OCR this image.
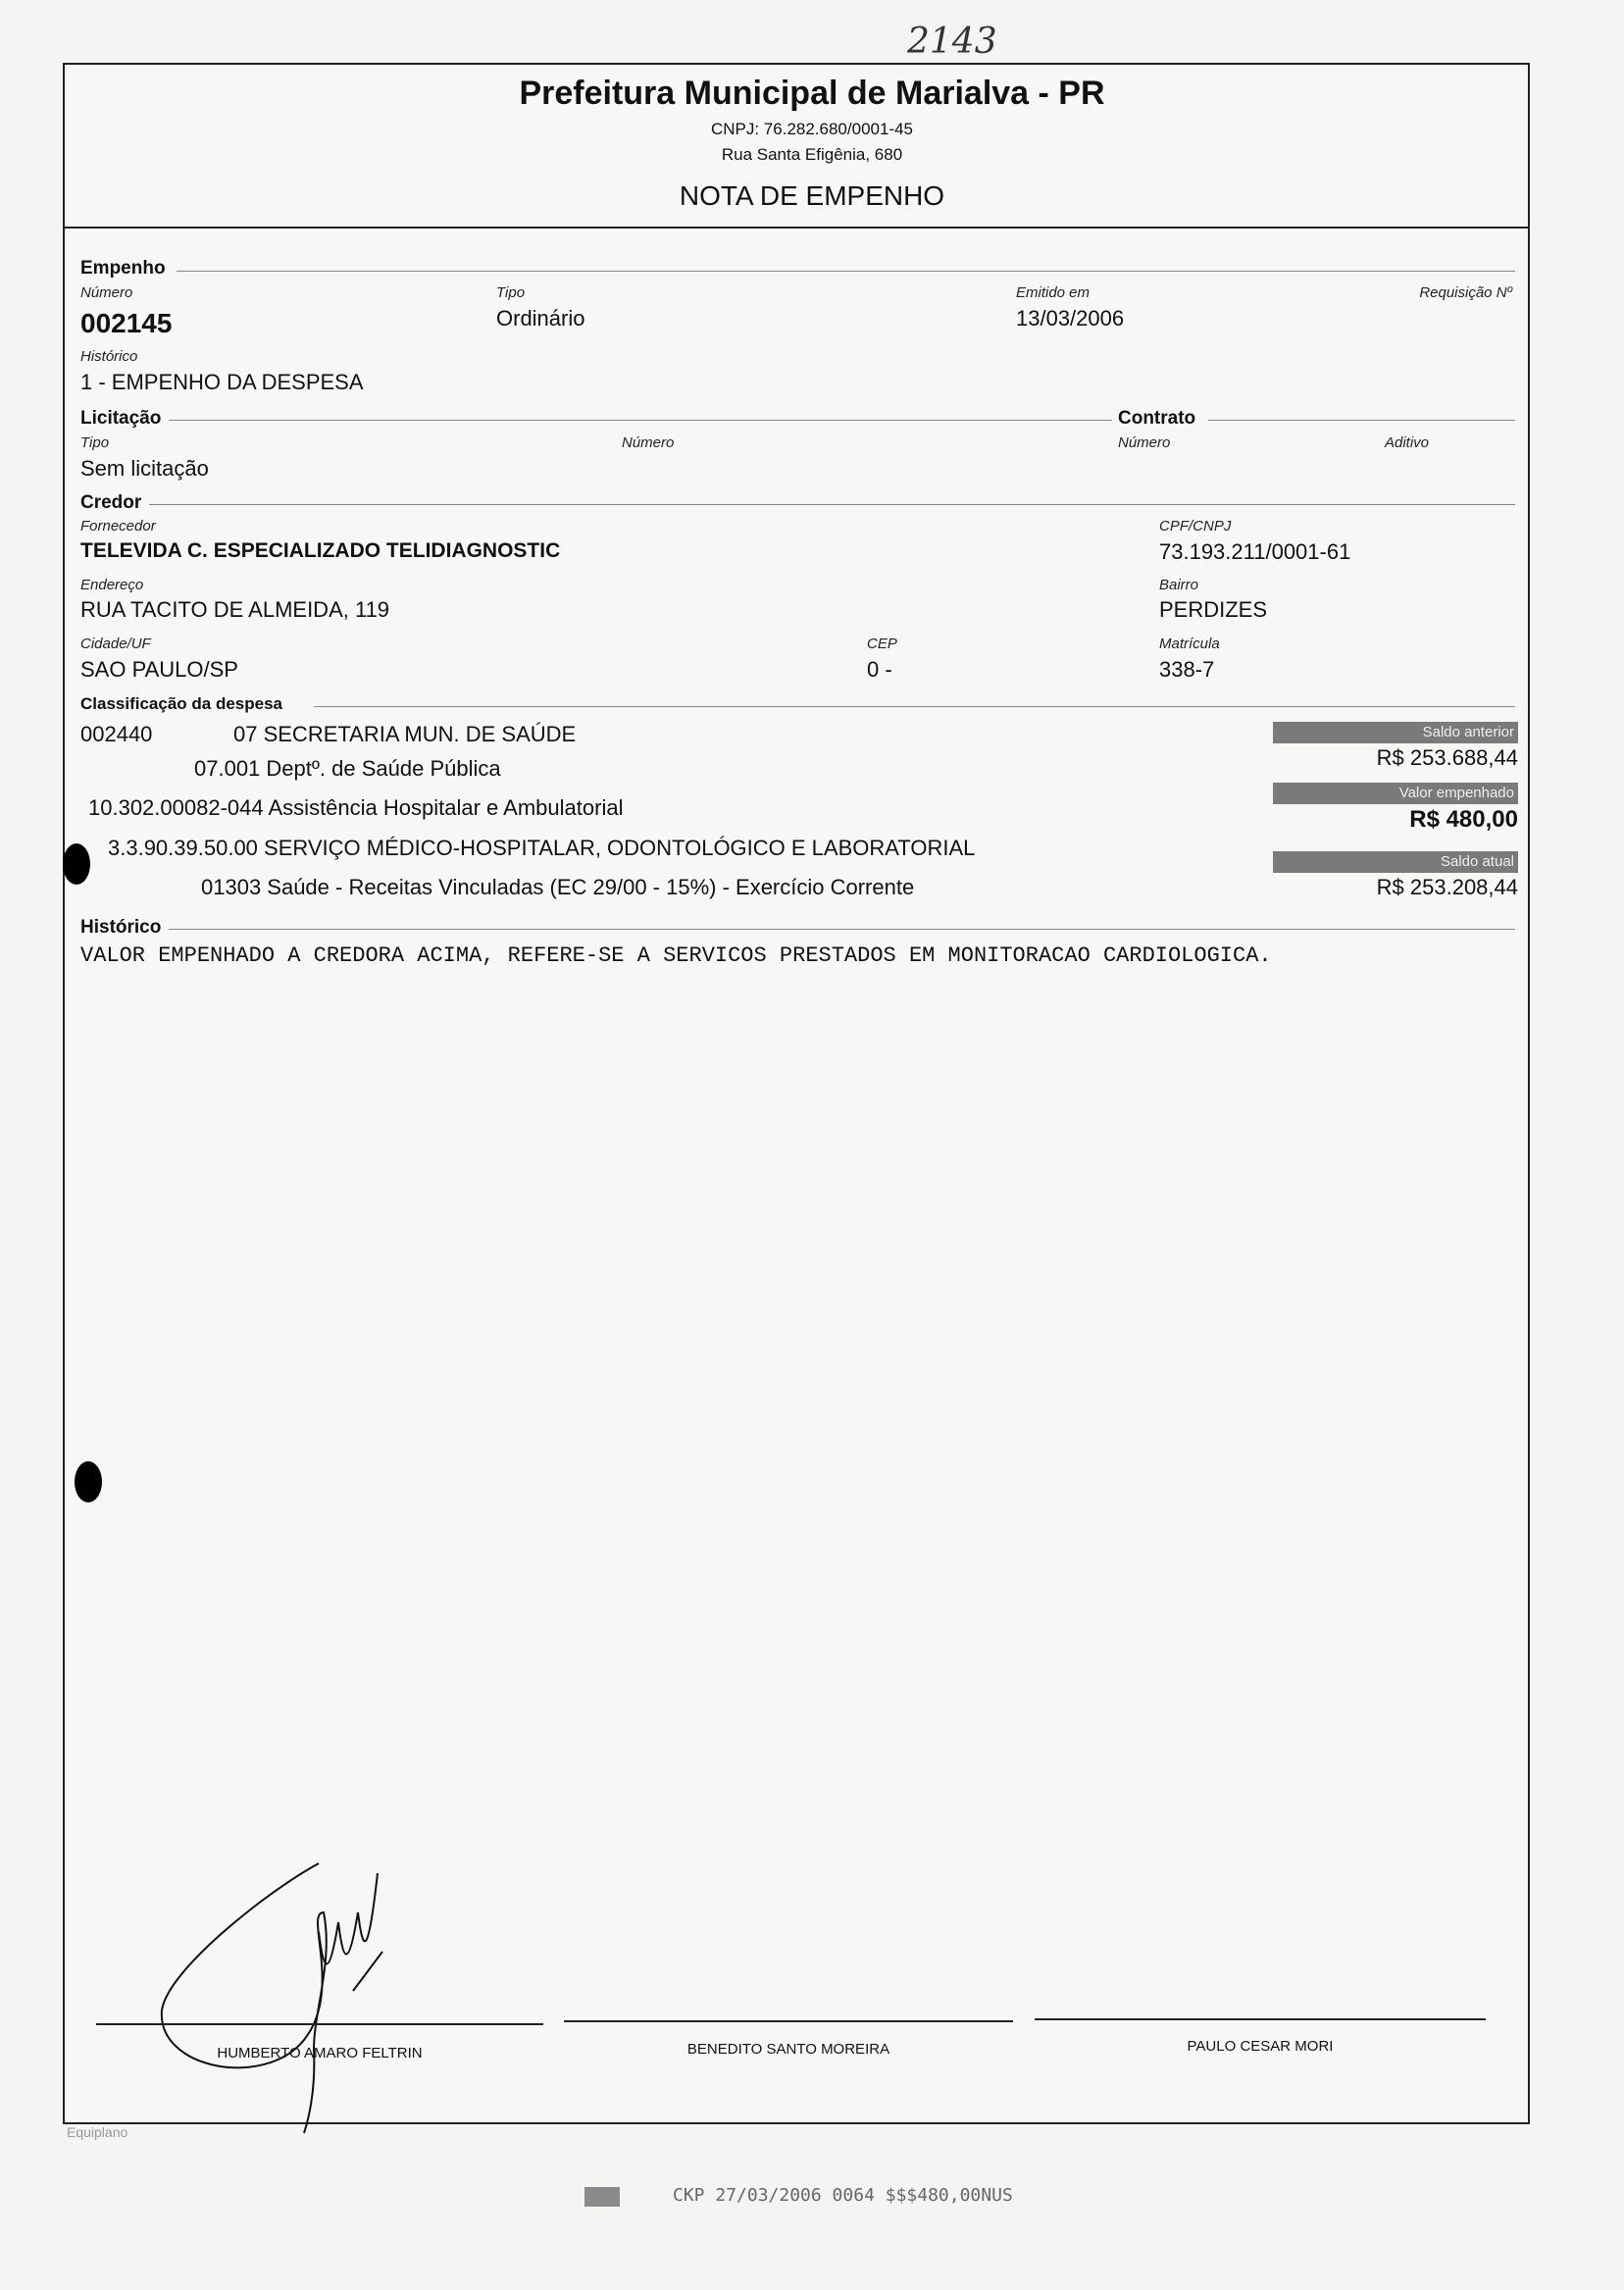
2143
Prefeitura Municipal de Marialva - PR
CNPJ: 76.282.680/0001-45
Rua Santa Efigênia, 680
NOTA DE EMPENHO
Empenho
Número
002145
Tipo
Ordinário
Emitido em
13/03/2006
Requisição Nº
Histórico
1 - EMPENHO DA DESPESA
Licitação	Contrato
Tipo
Sem licitação
Número	Número	Aditivo
Credor
Fornecedor
TELEVIDA C. ESPECIALIZADO TELIDIAGNOSTIC
CPF/CNPJ
73.193.211/0001-61
Endereço
RUA TACITO DE ALMEIDA, 119
Bairro
PERDIZES
Cidade/UF
SAO PAULO/SP
CEP
0 -
Matrícula
338-7
Classificação da despesa
002440	07 SECRETARIA MUN. DE SAÚDE
07.001 Deptº. de Saúde Pública
10.302.00082-044 Assistência Hospitalar e Ambulatorial
3.3.90.39.50.00 SERVIÇO MÉDICO-HOSPITALAR, ODONTOLÓGICO E LABORATORIAL
01303 Saúde - Receitas Vinculadas (EC 29/00 - 15%) - Exercício Corrente
Saldo anterior
R$ 253.688,44
Valor empenhado
R$ 480,00
Saldo atual
R$ 253.208,44
Histórico
VALOR EMPENHADO A CREDORA ACIMA, REFERE-SE A SERVICOS PRESTADOS EM MONITORACAO CARDIOLOGICA.
HUMBERTO AMARO FELTRIN	BENEDITO SANTO MOREIRA	PAULO CESAR MORI
Equiplano
CKP 27/03/2006 0064 $$$480,00NUS
